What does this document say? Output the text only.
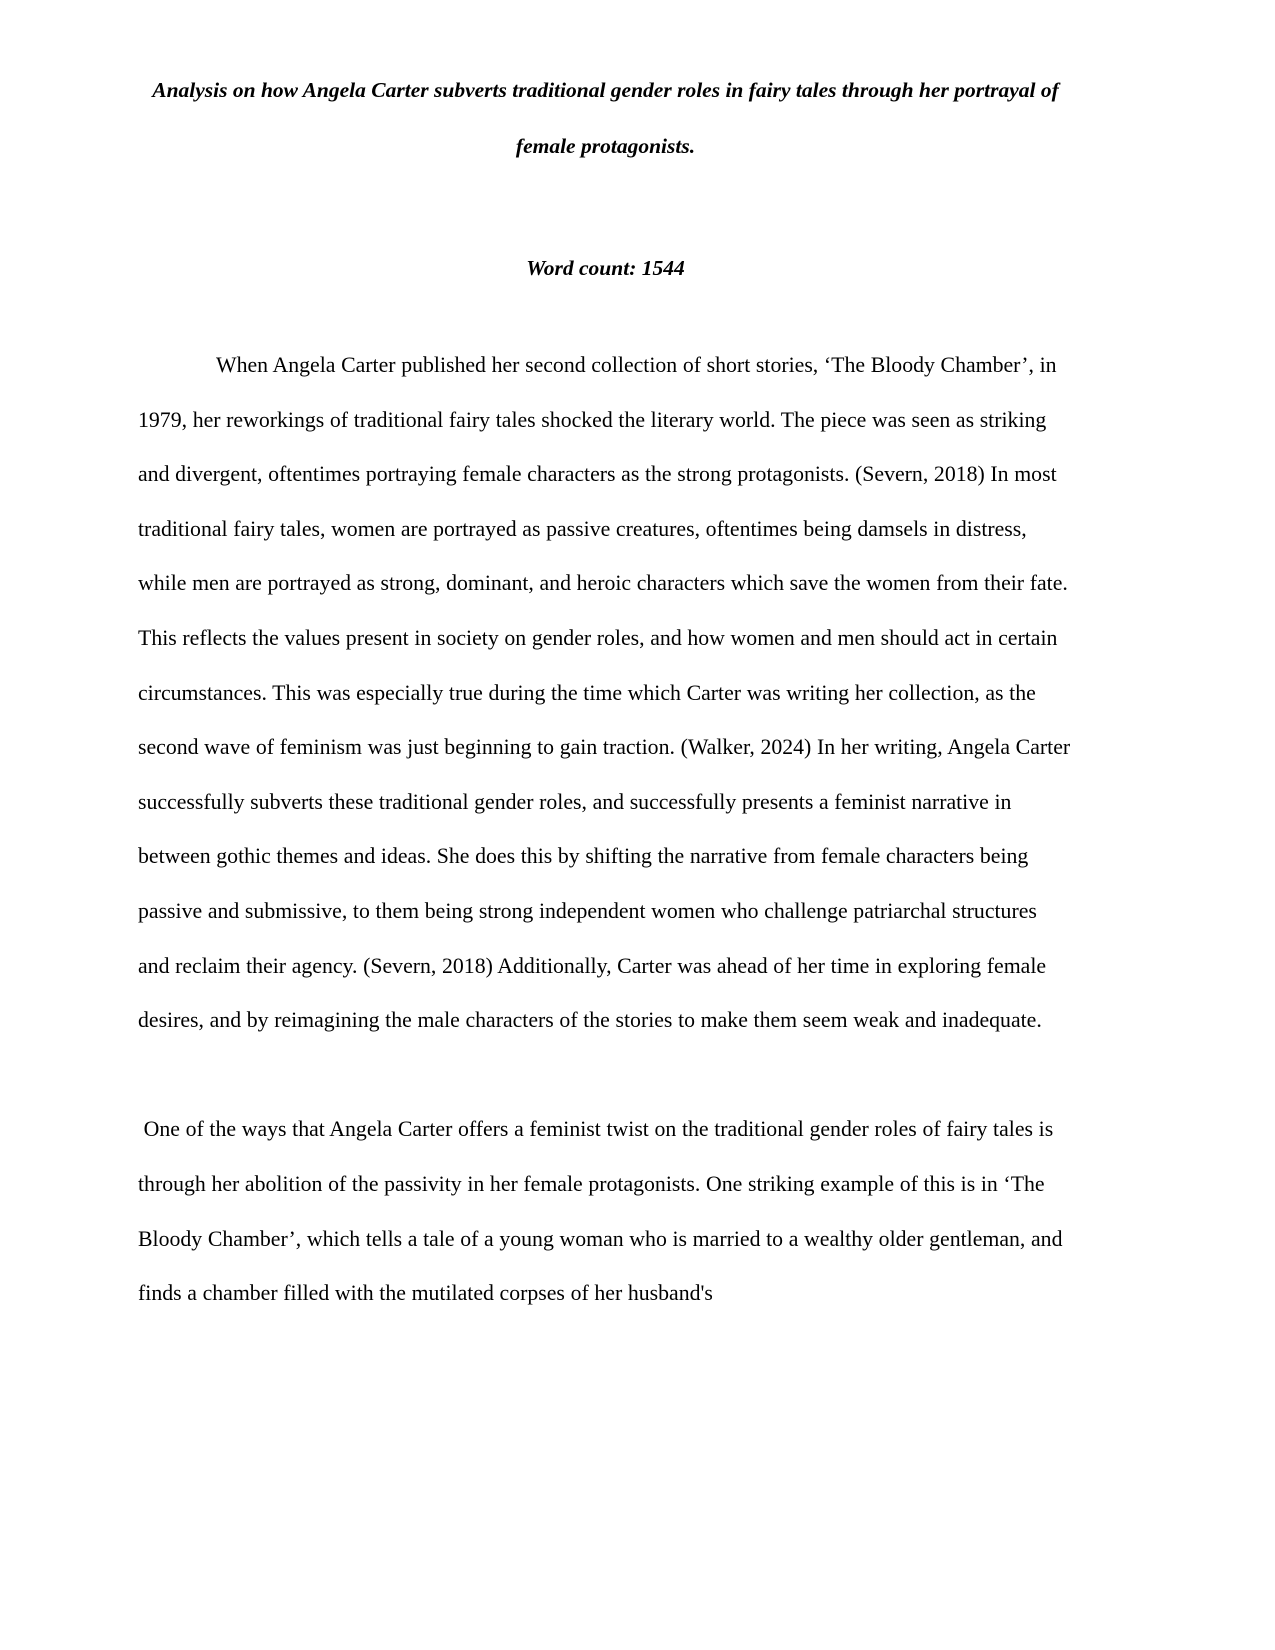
Analysis on how Angela Carter subverts traditional gender roles in fairy tales through her portrayal of female protagonists.
Word count: 1544

When Angela Carter published her second collection of short stories, ‘The Bloody Chamber’, in 1979, her reworkings of traditional fairy tales shocked the literary world. The piece was seen as striking and divergent, oftentimes portraying female characters as the strong protagonists. (Severn, 2018) In most traditional fairy tales, women are portrayed as passive creatures, oftentimes being damsels in distress, while men are portrayed as strong, dominant, and heroic characters which save the women from their fate. This reflects the values present in society on gender roles, and how women and men should act in certain circumstances. This was especially true during the time which Carter was writing her collection, as the second wave of feminism was just beginning to gain traction. (Walker, 2024) In her writing, Angela Carter successfully subverts these traditional gender roles, and successfully presents a feminist narrative in between gothic themes and ideas. She does this by shifting the narrative from female characters being passive and submissive, to them being strong independent women who challenge patriarchal structures and reclaim their agency. (Severn, 2018) Additionally, Carter was ahead of her time in exploring female desires, and by reimagining the male characters of the stories to make them seem weak and inadequate.

One of the ways that Angela Carter offers a feminist twist on the traditional gender roles of fairy tales is through her abolition of the passivity in her female protagonists. One striking example of this is in ‘The Bloody Chamber’, which tells a tale of a young woman who is married to a wealthy older gentleman, and finds a chamber filled with the mutilated corpses of her husband's
